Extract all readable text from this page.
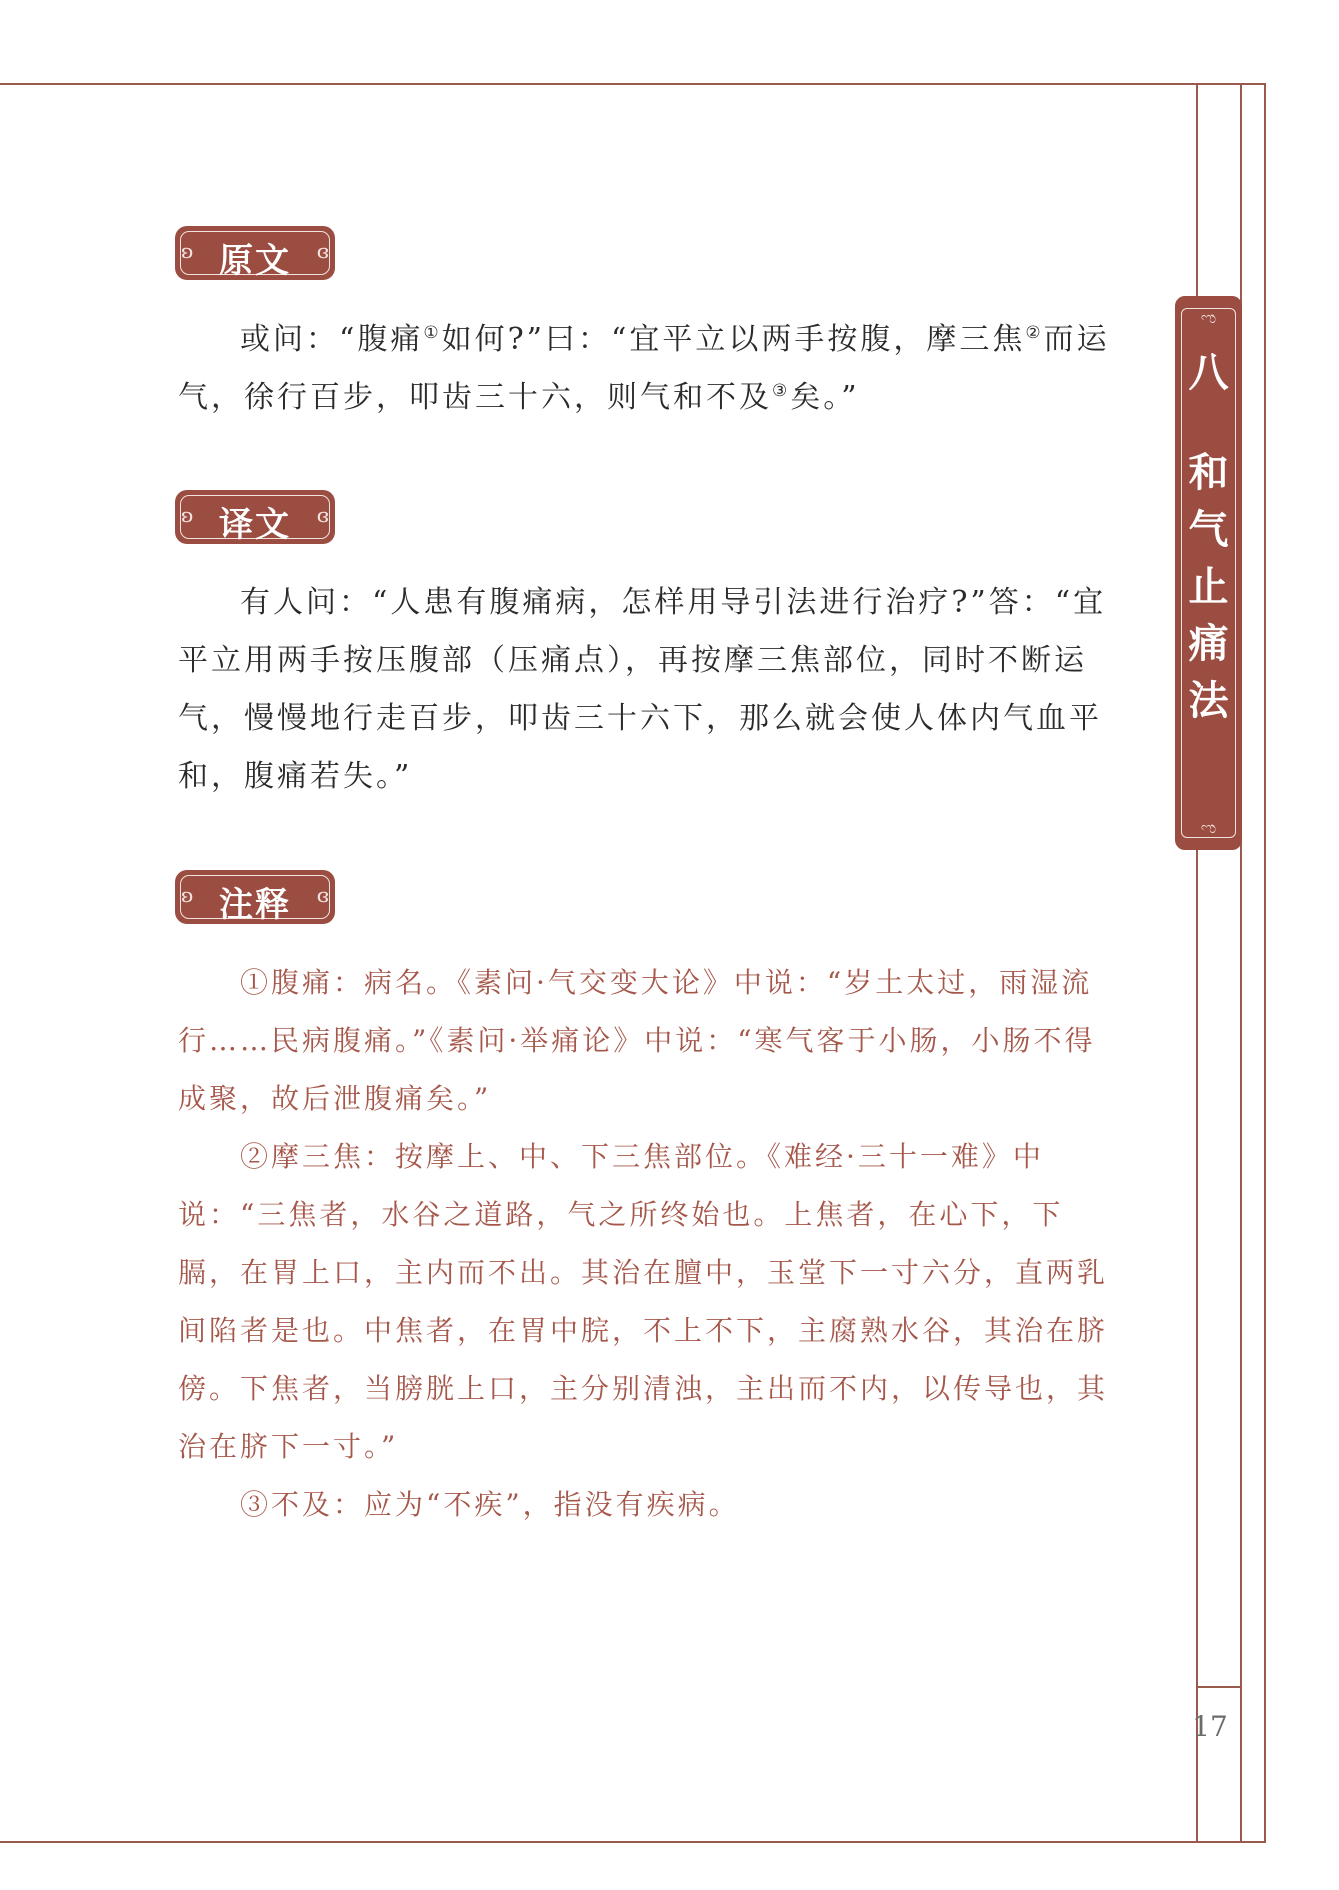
ಌ
八
和
气
止
痛
法
ಌ
17
ʚ 原文	ɞ

或问：“腹痛①如何?”曰：“宜平立以两手按腹，摩三焦②而运气，徐行百步，叩齿三十六，则气和不及③矣。”

ʚ 译文	ɞ

有人问：“人患有腹痛病，怎样用导引法进行治疗?”答：“宜平立用两手按压腹部（压痛点），再按摩三焦部位，同时不断运气，慢慢地行走百步，叩齿三十六下，那么就会使人体内气血平和，腹痛若失。”

ʚ 注释	ɞ

①腹痛：病名。《素问·气交变大论》中说：“岁土太过，雨湿流行……民病腹痛。”《素问·举痛论》中说：“寒气客于小肠，小肠不得成聚，故后泄腹痛矣。”

②摩三焦：按摩上、中、下三焦部位。《难经·三十一难》中说：“三焦者，水谷之道路，气之所终始也。上焦者，在心下，下膈，在胃上口，主内而不出。其治在膻中，玉堂下一寸六分，直两乳间陷者是也。中焦者，在胃中脘，不上不下，主腐熟水谷，其治在脐傍。下焦者，当膀胱上口，主分别清浊，主出而不内，以传导也，其治在脐下一寸。”

③不及：应为“不疾”，指没有疾病。
